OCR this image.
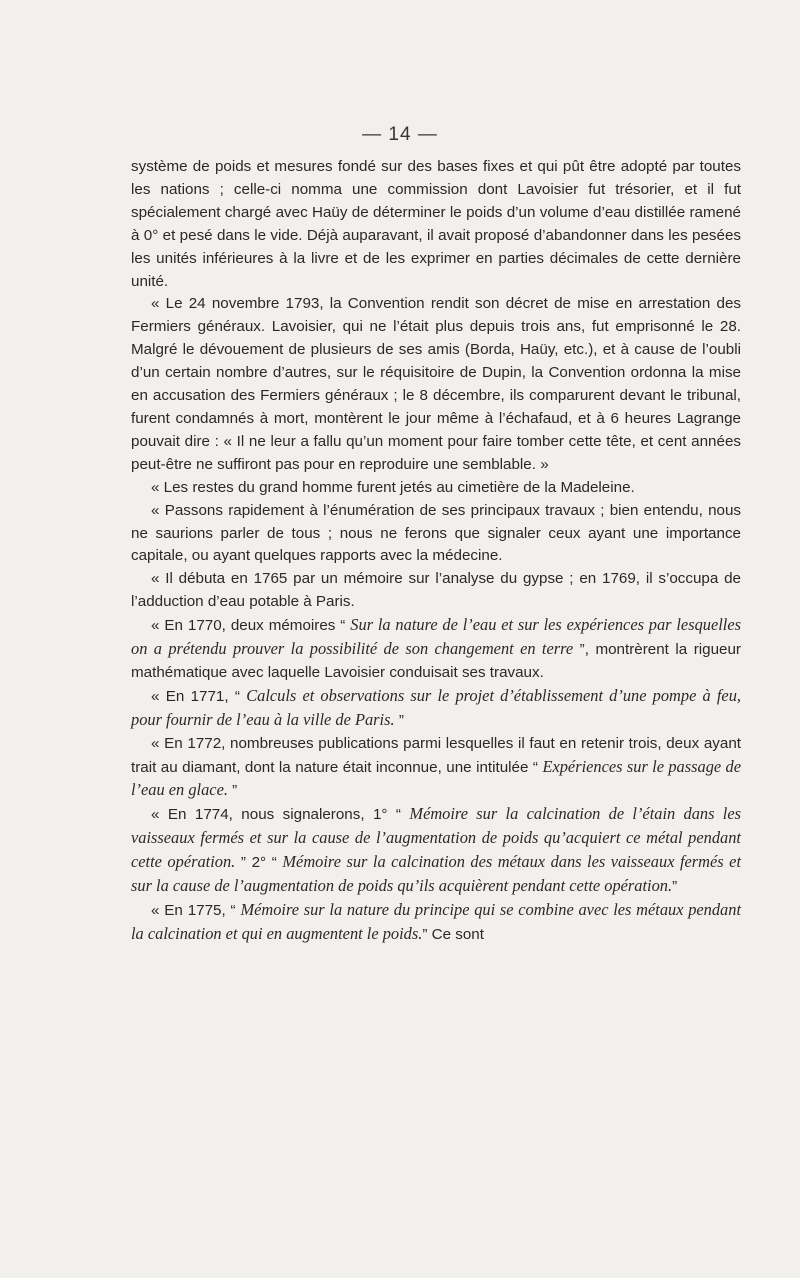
— 14 —

système de poids et mesures fondé sur des bases fixes et qui pût être adopté par toutes les nations ; celle-ci nomma une commission dont Lavoisier fut trésorier, et il fut spécialement chargé avec Haüy de déterminer le poids d’un volume d’eau distillée ramené à 0° et pesé dans le vide. Déjà auparavant, il avait proposé d’abandonner dans les pesées les unités inférieures à la livre et de les exprimer en parties décimales de cette dernière unité.

« Le 24 novembre 1793, la Convention rendit son décret de mise en arrestation des Fermiers généraux. Lavoisier, qui ne l’était plus depuis trois ans, fut emprisonné le 28. Malgré le dévouement de plusieurs de ses amis (Borda, Haüy, etc.), et à cause de l’oubli d’un certain nombre d’autres, sur le réquisitoire de Dupin, la Convention ordonna la mise en accusation des Fermiers généraux ; le 8 décembre, ils comparurent devant le tribunal, furent condamnés à mort, montèrent le jour même à l’échafaud, et à 6 heures Lagrange pouvait dire : « Il ne leur a fallu qu’un moment pour faire tomber cette tête, et cent années peut-être ne suffiront pas pour en reproduire une semblable. »

« Les restes du grand homme furent jetés au cimetière de la Madeleine.

« Passons rapidement à l’énumération de ses principaux travaux ; bien entendu, nous ne saurions parler de tous ; nous ne ferons que signaler ceux ayant une importance capitale, ou ayant quelques rapports avec la médecine.

« Il débuta en 1765 par un mémoire sur l’analyse du gypse ; en 1769, il s’occupa de l’adduction d’eau potable à Paris.

« En 1770, deux mémoires “ Sur la nature de l’eau et sur les expériences par lesquelles on a prétendu prouver la possibilité de son changement en terre ”, montrèrent la rigueur mathématique avec laquelle Lavoisier conduisait ses travaux.

« En 1771, “ Calculs et observations sur le projet d’établissement d’une pompe à feu, pour fournir de l’eau à la ville de Paris. ”

« En 1772, nombreuses publications parmi lesquelles il faut en retenir trois, deux ayant trait au diamant, dont la nature était inconnue, une intitulée “ Expériences sur le passage de l’eau en glace. ”

« En 1774, nous signalerons, 1° “ Mémoire sur la calcination de l’étain dans les vaisseaux fermés et sur la cause de l’augmentation de poids qu’acquiert ce métal pendant cette opération. ” 2° “ Mémoire sur la calcination des métaux dans les vaisseaux fermés et sur la cause de l’augmentation de poids qu’ils acquièrent pendant cette opération.”

« En 1775, “ Mémoire sur la nature du principe qui se combine avec les métaux pendant la calcination et qui en augmentent le poids.” Ce sont
